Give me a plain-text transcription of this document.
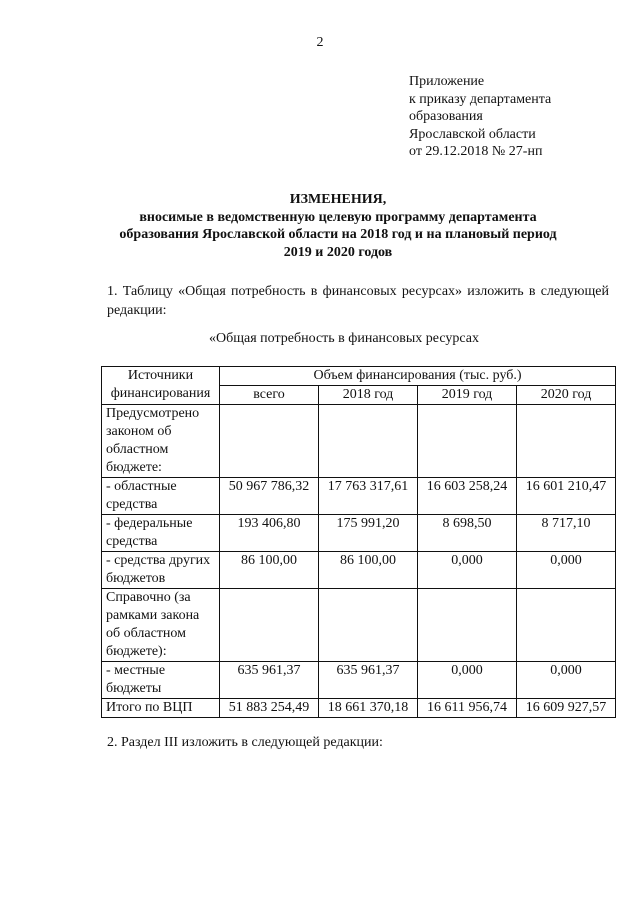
2
Приложение
к приказу департамента
образования
Ярославской области
от 29.12.2018 № 27-нп
ИЗМЕНЕНИЯ,
вносимые в ведомственную целевую программу департамента
образования Ярославской области на 2018 год и на плановый период
2019 и 2020 годов
1. Таблицу «Общая потребность в финансовых ресурсах» изложить в следующей редакции:
«Общая потребность в финансовых ресурсах
Источники финансирования	Объем финансирования (тыс. руб.)			
	всего	2018 год	2019 год	2020 год
Предусмотрено законом об областном бюджете:				
- областные средства	50 967 786,32	17 763 317,61	16 603 258,24	16 601 210,47
- федеральные средства	193 406,80	175 991,20	8 698,50	8 717,10
- средства других бюджетов	86 100,00	86 100,00	0,000	0,000
Справочно (за рамками закона об областном бюджете):				
- местные бюджеты	635 961,37	635 961,37	0,000	0,000
Итого по ВЦП	51 883 254,49	18 661 370,18	16 611 956,74	16 609 927,57
2. Раздел III изложить в следующей редакции:
